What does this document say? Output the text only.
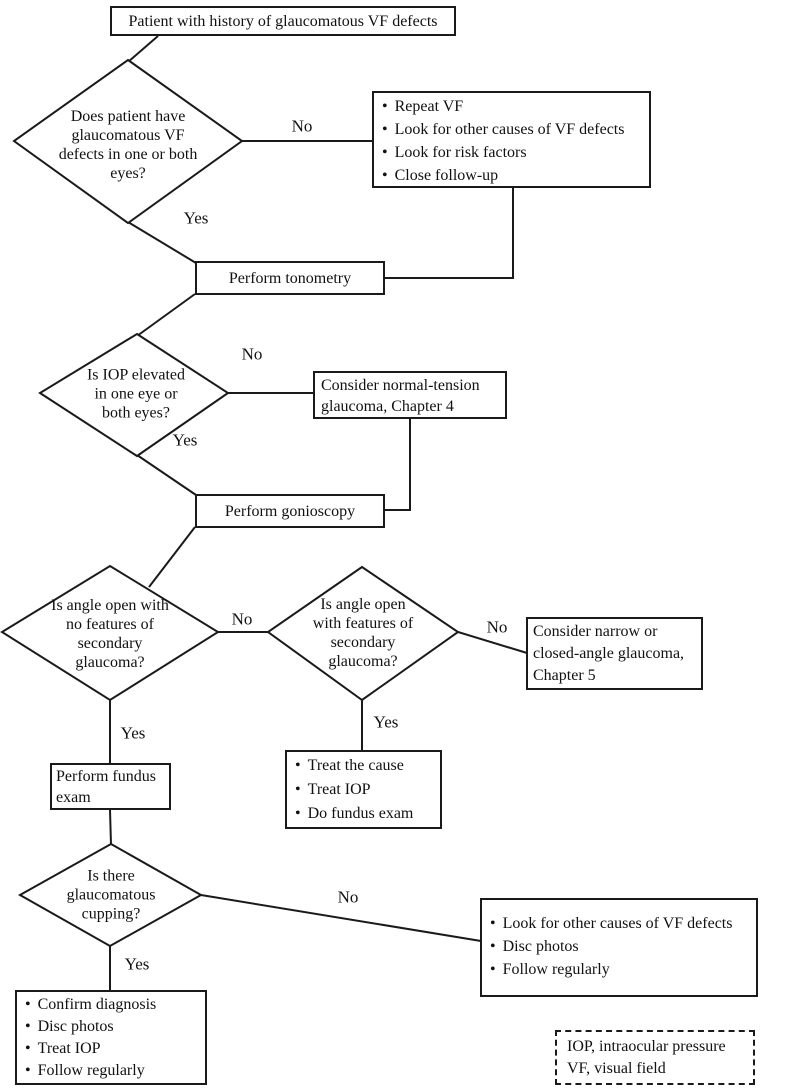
Patient with history of glaucomatous VF defects
Does patient have glaucomatous VF defects in one or both eyes?
Is IOP elevated in one eye or both eyes?
Is angle open with no features of secondary glaucoma?
Is angle open with features of secondary glaucoma?
Is there glaucomatous cupping?
No
Yes
No
Yes
No	No
Yes
Yes
No
Yes
• Repeat VF
• Look for other causes of VF defects
• Look for risk factors
• Close follow-up
Perform tonometry
Consider normal-tension glaucoma, Chapter 4
Perform gonioscopy
Consider narrow or closed-angle glaucoma, Chapter 5
• Treat the cause
• Treat IOP
• Do fundus exam
Perform fundus exam
• Look for other causes of VF defects
• Disc photos
• Follow regularly
• Confirm diagnosis
• Disc photos
• Treat IOP
• Follow regularly
IOP, intraocular pressure
VF, visual field
